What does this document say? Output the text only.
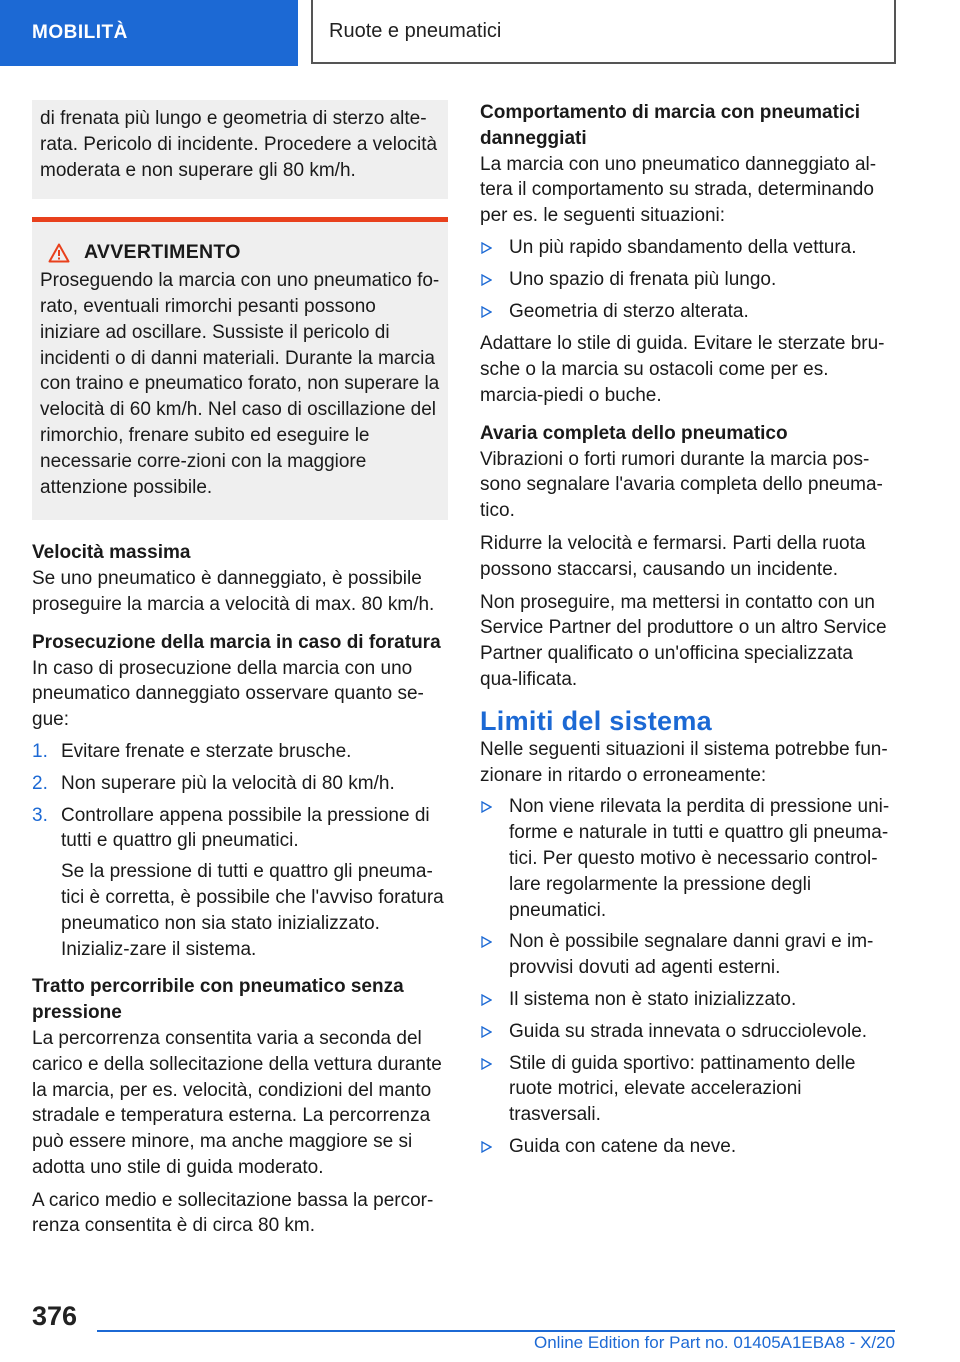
MOBILITÀ	Ruote e pneumatici

di frenata più lungo e geometria di sterzo alte-rata. Pericolo di incidente. Procedere a velocità moderata e non superare gli 80 km/h.

AVVERTIMENTO

Proseguendo la marcia con uno pneumatico fo-rato, eventuali rimorchi pesanti possono iniziare ad oscillare. Sussiste il pericolo di incidenti o di danni materiali. Durante la marcia con traino e pneumatico forato, non superare la velocità di 60 km/h. Nel caso di oscillazione del rimorchio, frenare subito ed eseguire le necessarie corre-zioni con la maggiore attenzione possibile.

Velocità massima

Se uno pneumatico è danneggiato, è possibile proseguire la marcia a velocità di max. 80 km/h.

Prosecuzione della marcia in caso di foratura

In caso di prosecuzione della marcia con uno pneumatico danneggiato osservare quanto se-gue:

1. Evitare frenate e sterzate brusche.
2. Non superare più la velocità di 80 km/h.
3. Controllare appena possibile la pressione di tutti e quattro gli pneumatici.

Se la pressione di tutti e quattro gli pneuma-tici è corretta, è possibile che l'avviso foratura pneumatico non sia stato inizializzato. Inizializ-zare il sistema.

Tratto percorribile con pneumatico senza pressione

La percorrenza consentita varia a seconda del carico e della sollecitazione della vettura durante la marcia, per es. velocità, condizioni del manto stradale e temperatura esterna. La percorrenza può essere minore, ma anche maggiore se si adotta uno stile di guida moderato.

A carico medio e sollecitazione bassa la percor-renza consentita è di circa 80 km.

Comportamento di marcia con pneumatici danneggiati

La marcia con uno pneumatico danneggiato al-tera il comportamento su strada, determinando per es. le seguenti situazioni:

Un più rapido sbandamento della vettura.
Uno spazio di frenata più lungo.
Geometria di sterzo alterata.

Adattare lo stile di guida. Evitare le sterzate bru-sche o la marcia su ostacoli come per es. marcia-piedi o buche.

Avaria completa dello pneumatico

Vibrazioni o forti rumori durante la marcia pos-sono segnalare l'avaria completa dello pneuma-tico.

Ridurre la velocità e fermarsi. Parti della ruota possono staccarsi, causando un incidente.

Non proseguire, ma mettersi in contatto con un Service Partner del produttore o un altro Service Partner qualificato o un'officina specializzata qua-lificata.

Limiti del sistema

Nelle seguenti situazioni il sistema potrebbe fun-zionare in ritardo o erroneamente:

Non viene rilevata la perdita di pressione uni-forme e naturale in tutti e quattro gli pneuma-tici. Per questo motivo è necessario control-lare regolarmente la pressione degli pneumatici.
Non è possibile segnalare danni gravi e im-provvisi dovuti ad agenti esterni.
Il sistema non è stato inizializzato.
Guida su strada innevata o sdrucciolevole.
Stile di guida sportivo: pattinamento delle ruote motrici, elevate accelerazioni trasversali.
Guida con catene da neve.
376
Online Edition for Part no. 01405A1EBA8 - X/20
